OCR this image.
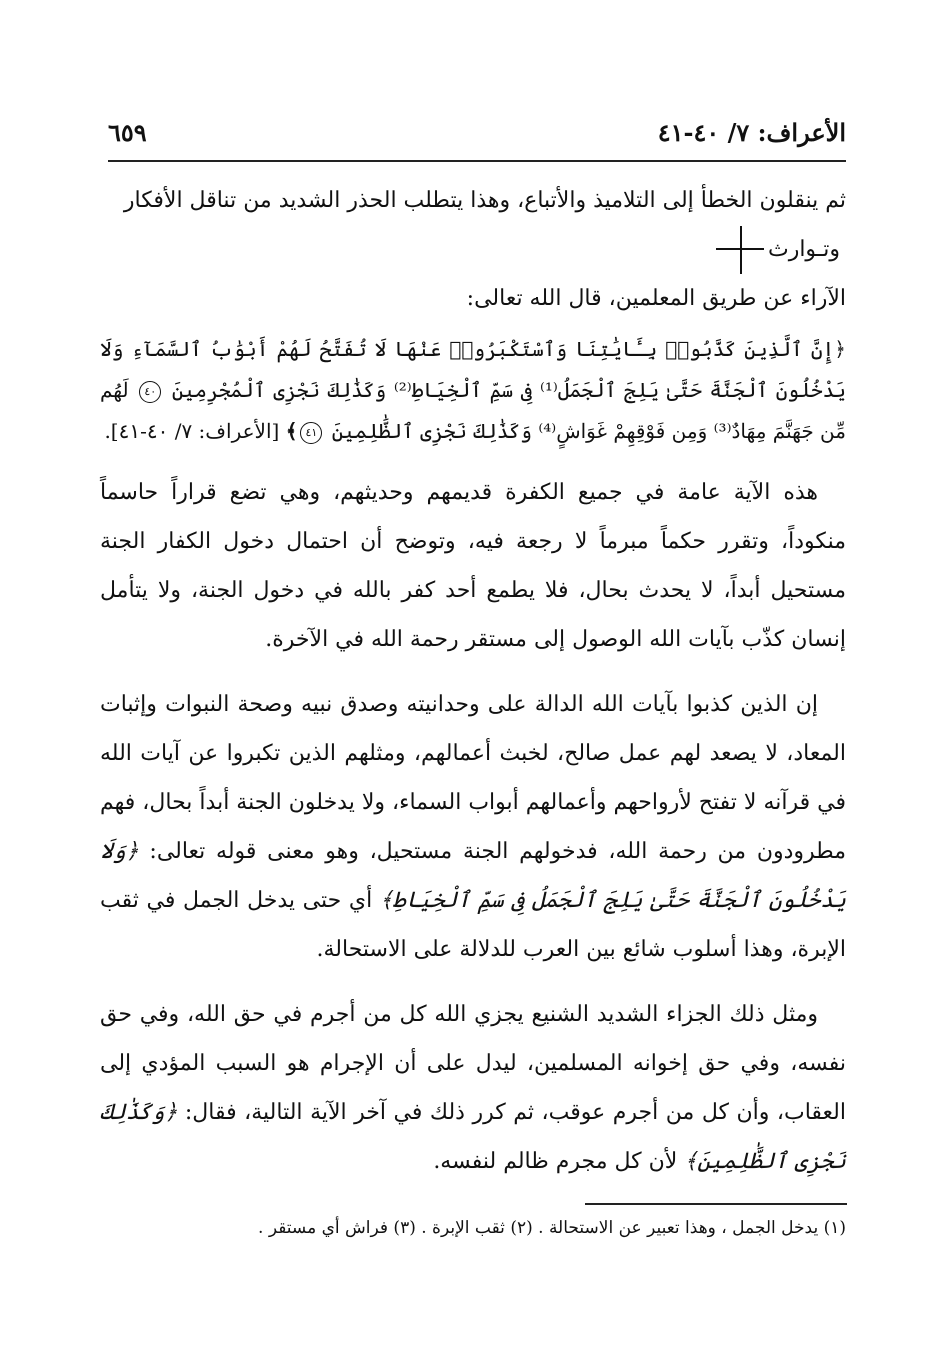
الأعراف: ٧/ ٤٠-٤١
٦٥٩

ثم ينقلون الخطأ إلى التلاميذ والأتباع، وهذا يتطلب الحذر الشديد من تناقل الأفكار

وتـوارث

الآراء عن طريق المعلمين، قال الله تعالى:

﴿إِنَّ ٱلَّذِينَ كَذَّبُوا۟ بِـَٔايَٰتِنَا وَٱسْتَكْبَرُوا۟ عَنْهَا لَا تُفَتَّحُ لَهُمْ أَبْوَٰبُ ٱلسَّمَآءِ وَلَا يَدْخُلُونَ ٱلْجَنَّةَ حَتَّىٰ يَلِجَ ٱلْجَمَلُ⁽¹⁾ فِى سَمِّ ٱلْخِيَاطِ⁽²⁾ وَكَذَٰلِكَ نَجْزِى ٱلْمُجْرِمِينَ ٤٠ لَهُم مِّن جَهَنَّمَ مِهَادٌ⁽³⁾ وَمِن فَوْقِهِمْ غَوَاشٍ⁽⁴⁾ وَكَذَٰلِكَ نَجْزِى ٱلظَّٰلِمِينَ ٤١﴾ [الأعراف: ٧/ ٤٠-٤١].

هذه الآية عامة في جميع الكفرة قديمهم وحديثهم، وهي تضع قراراً حاسماً منكوداً، وتقرر حكماً مبرماً لا رجعة فيه، وتوضح أن احتمال دخول الكفار الجنة مستحيل أبداً، لا يحدث بحال، فلا يطمع أحد كفر بالله في دخول الجنة، ولا يتأمل إنسان كذّب بآيات الله الوصول إلى مستقر رحمة الله في الآخرة.

إن الذين كذبوا بآيات الله الدالة على وحدانيته وصدق نبيه وصحة النبوات وإثبات المعاد، لا يصعد لهم عمل صالح، لخبث أعمالهم، ومثلهم الذين تكبروا عن آيات الله في قرآنه لا تفتح لأرواحهم وأعمالهم أبواب السماء، ولا يدخلون الجنة أبداً بحال، فهم مطرودون من رحمة الله، فدخولهم الجنة مستحيل، وهو معنى قوله تعالى: ﴿وَلَا يَدْخُلُونَ ٱلْجَنَّةَ حَتَّىٰ يَلِجَ ٱلْجَمَلُ فِى سَمِّ ٱلْخِيَاطِ﴾ أي حتى يدخل الجمل في ثقب الإبرة، وهذا أسلوب شائع بين العرب للدلالة على الاستحالة.

ومثل ذلك الجزاء الشديد الشنيع يجزي الله كل من أجرم في حق الله، وفي حق نفسه، وفي حق إخوانه المسلمين، ليدل على أن الإجرام هو السبب المؤدي إلى العقاب، وأن كل من أجرم عوقب، ثم كرر ذلك في آخر الآية التالية، فقال: ﴿وَكَذَٰلِكَ نَجْزِى ٱلظَّٰلِمِينَ﴾ لأن كل مجرم ظالم لنفسه.

(١) يدخل الجمل ، وهذا تعبير عن الاستحالة . (٢) ثقب الإبرة . (٣) فراش أي مستقر .
